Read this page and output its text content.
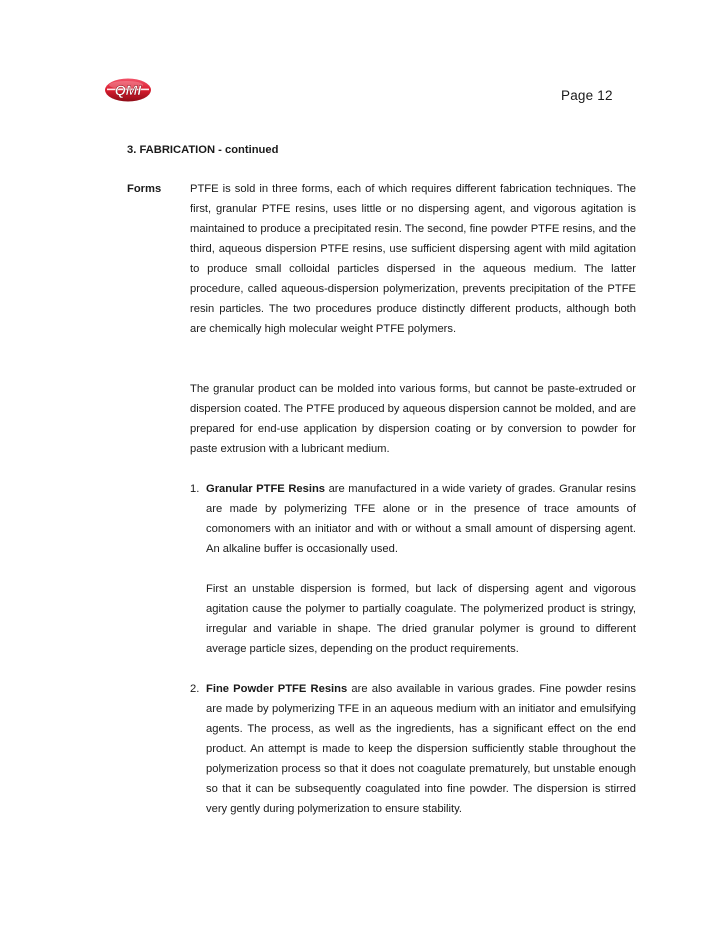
QMI	Page 12
3. FABRICATION - continued
Forms	PTFE is sold in three forms, each of which requires different fabrication techniques. The first, granular PTFE resins, uses little or no dispersing agent, and vigorous agitation is maintained to produce a precipitated resin. The second, fine powder PTFE resins, and the third, aqueous dispersion PTFE resins, use sufficient dispersing agent with mild agitation to produce small colloidal particles dispersed in the aqueous medium. The latter procedure, called aqueous-dispersion polymerization, prevents precipitation of the PTFE resin particles. The two procedures produce distinctly different products, although both are chemically high molecular weight PTFE polymers.

The granular product can be molded into various forms, but cannot be paste-extruded or dispersion coated. The PTFE produced by aqueous dispersion cannot be molded, and are prepared for end-use application by dispersion coating or by conversion to powder for paste extrusion with a lubricant medium.

1. Granular PTFE Resins are manufactured in a wide variety of grades. Granular resins are made by polymerizing TFE alone or in the presence of trace amounts of comonomers with an initiator and with or without a small amount of dispersing agent. An alkaline buffer is occasionally used.

First an unstable dispersion is formed, but lack of dispersing agent and vigorous agitation cause the polymer to partially coagulate. The polymerized product is stringy, irregular and variable in shape. The dried granular polymer is ground to different average particle sizes, depending on the product requirements.

2. Fine Powder PTFE Resins are also available in various grades. Fine powder resins are made by polymerizing TFE in an aqueous medium with an initiator and emulsifying agents. The process, as well as the ingredients, has a significant effect on the end product. An attempt is made to keep the dispersion sufficiently stable throughout the polymerization process so that it does not coagulate prematurely, but unstable enough so that it can be subsequently coagulated into fine powder. The dispersion is stirred very gently during polymerization to ensure stability.
